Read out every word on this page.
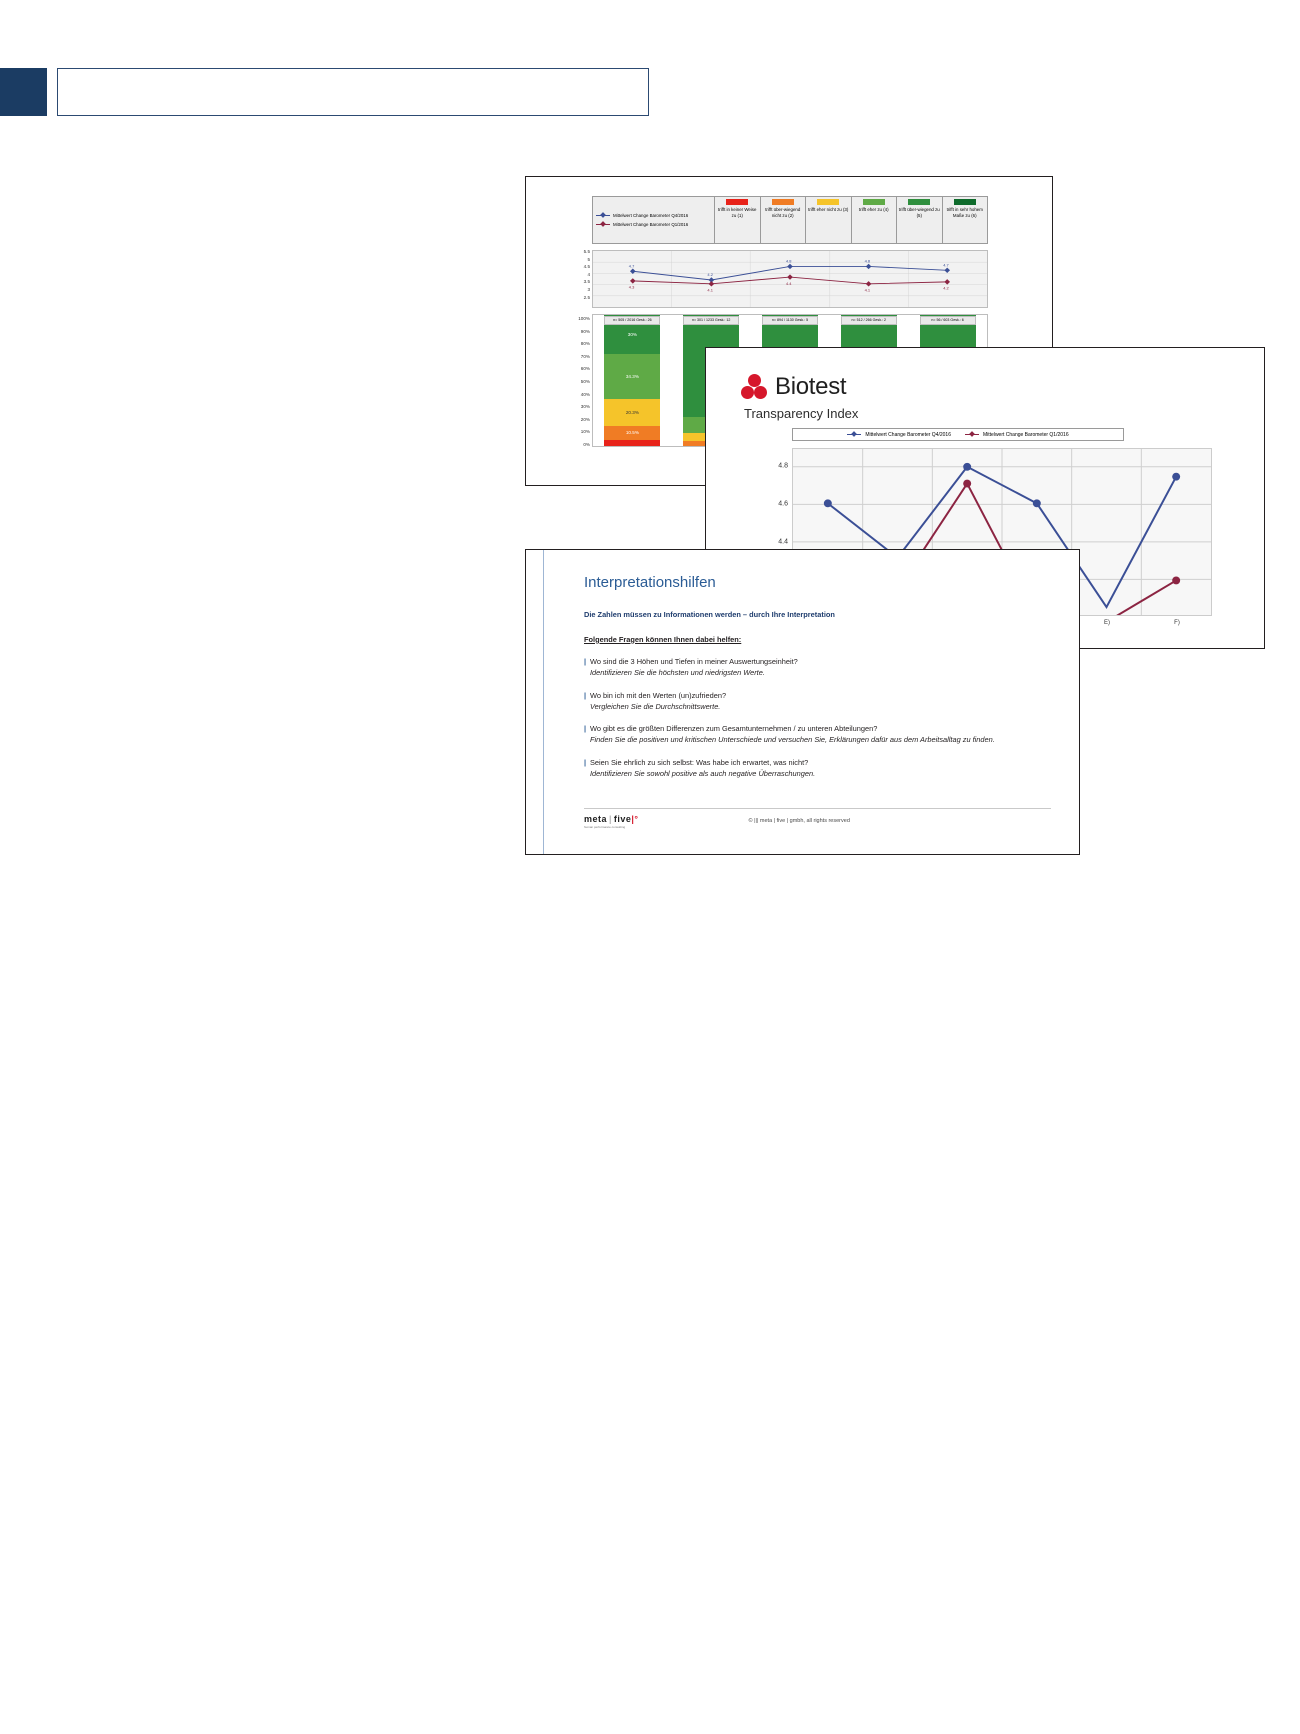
Mittelwert Change Barometer Q4/2016
Mittelwert Change Barometer Q1/2016
trifft in keiner Weise zu (1)
trifft über-wiegend nicht zu (2)
trifft eher nicht zu (3) trifft eher zu (4) trifft über-wiegend zu (5)
trifft in sehr hohem Maße zu (6)
5.5
5
4.5
4
3.5
3
2.5
4.7
4.2
4.8	4.8
4.7
4.3
4.1
4.4
4.1	4.2
100%
90%
80%
70%
60%
50%
40%
30%
20%
10%
0%
n= 505 / 2016 Gesk.: 26
30%
34.3%
20.3%
10.5%
n= 301 / 1233 Gesk.: 12	n= 894 / 1130 Gesk.: 5	n= 512 / 266 Gesk.: 2	n= 56 / 603 Gesk.: 6
Biotest
Transparency Index
Mittelwert Change Barometer Q4/2016	Mittelwert Change Barometer Q1/2016
4.8
4.6
4.4
E)	F)
Interpretationshilfen
Die Zahlen müssen zu Informationen werden – durch Ihre Interpretation
Folgende Fragen können Ihnen dabei helfen:
| Wo sind die 3 Höhen und Tiefen in meiner Auswertungseinheit?
Identifizieren Sie die höchsten und niedrigsten Werte.
| Wo bin ich mit den Werten (un)zufrieden?
Vergleichen Sie die Durchschnittswerte.
| Wo gibt es die größten Differenzen zum Gesamtunternehmen / zu unteren Abteilungen?
Finden Sie die positiven und kritischen Unterschiede und versuchen Sie, Erklärungen dafür aus dem Arbeitsalltag zu finden.
| Seien Sie ehrlich zu sich selbst: Was habe ich erwartet, was nicht?
Identifizieren Sie sowohl positive als auch negative Überraschungen.
meta | five|°
human performance consulting
© ||| meta | five | gmbh, all rights reserved
